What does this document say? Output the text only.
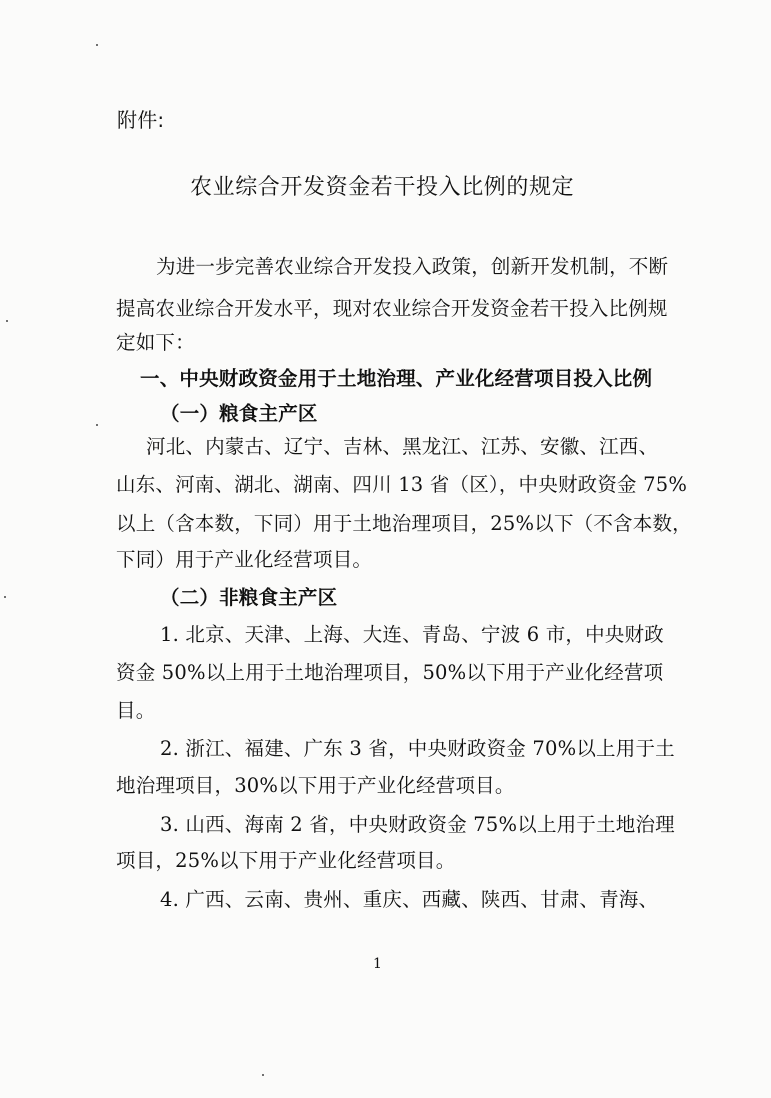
附件:
农业综合开发资金若干投入比例的规定
为进一步完善农业综合开发投入政策，创新开发机制，不断
提高农业综合开发水平，现对农业综合开发资金若干投入比例规
定如下：
一、中央财政资金用于土地治理、产业化经营项目投入比例
（一）粮食主产区
河北、内蒙古、辽宁、吉林、黑龙江、江苏、安徽、江西、
山东、河南、湖北、湖南、四川 13 省（区），中央财政资金 75%
以上（含本数，下同）用于土地治理项目，25%以下（不含本数，
下同）用于产业化经营项目。
（二）非粮食主产区
1. 北京、天津、上海、大连、青岛、宁波 6 市，中央财政
资金 50%以上用于土地治理项目，50%以下用于产业化经营项
目。
2. 浙江、福建、广东 3 省，中央财政资金 70%以上用于土
地治理项目，30%以下用于产业化经营项目。
3. 山西、海南 2 省，中央财政资金 75%以上用于土地治理
项目，25%以下用于产业化经营项目。
4. 广西、云南、贵州、重庆、西藏、陕西、甘肃、青海、
1
